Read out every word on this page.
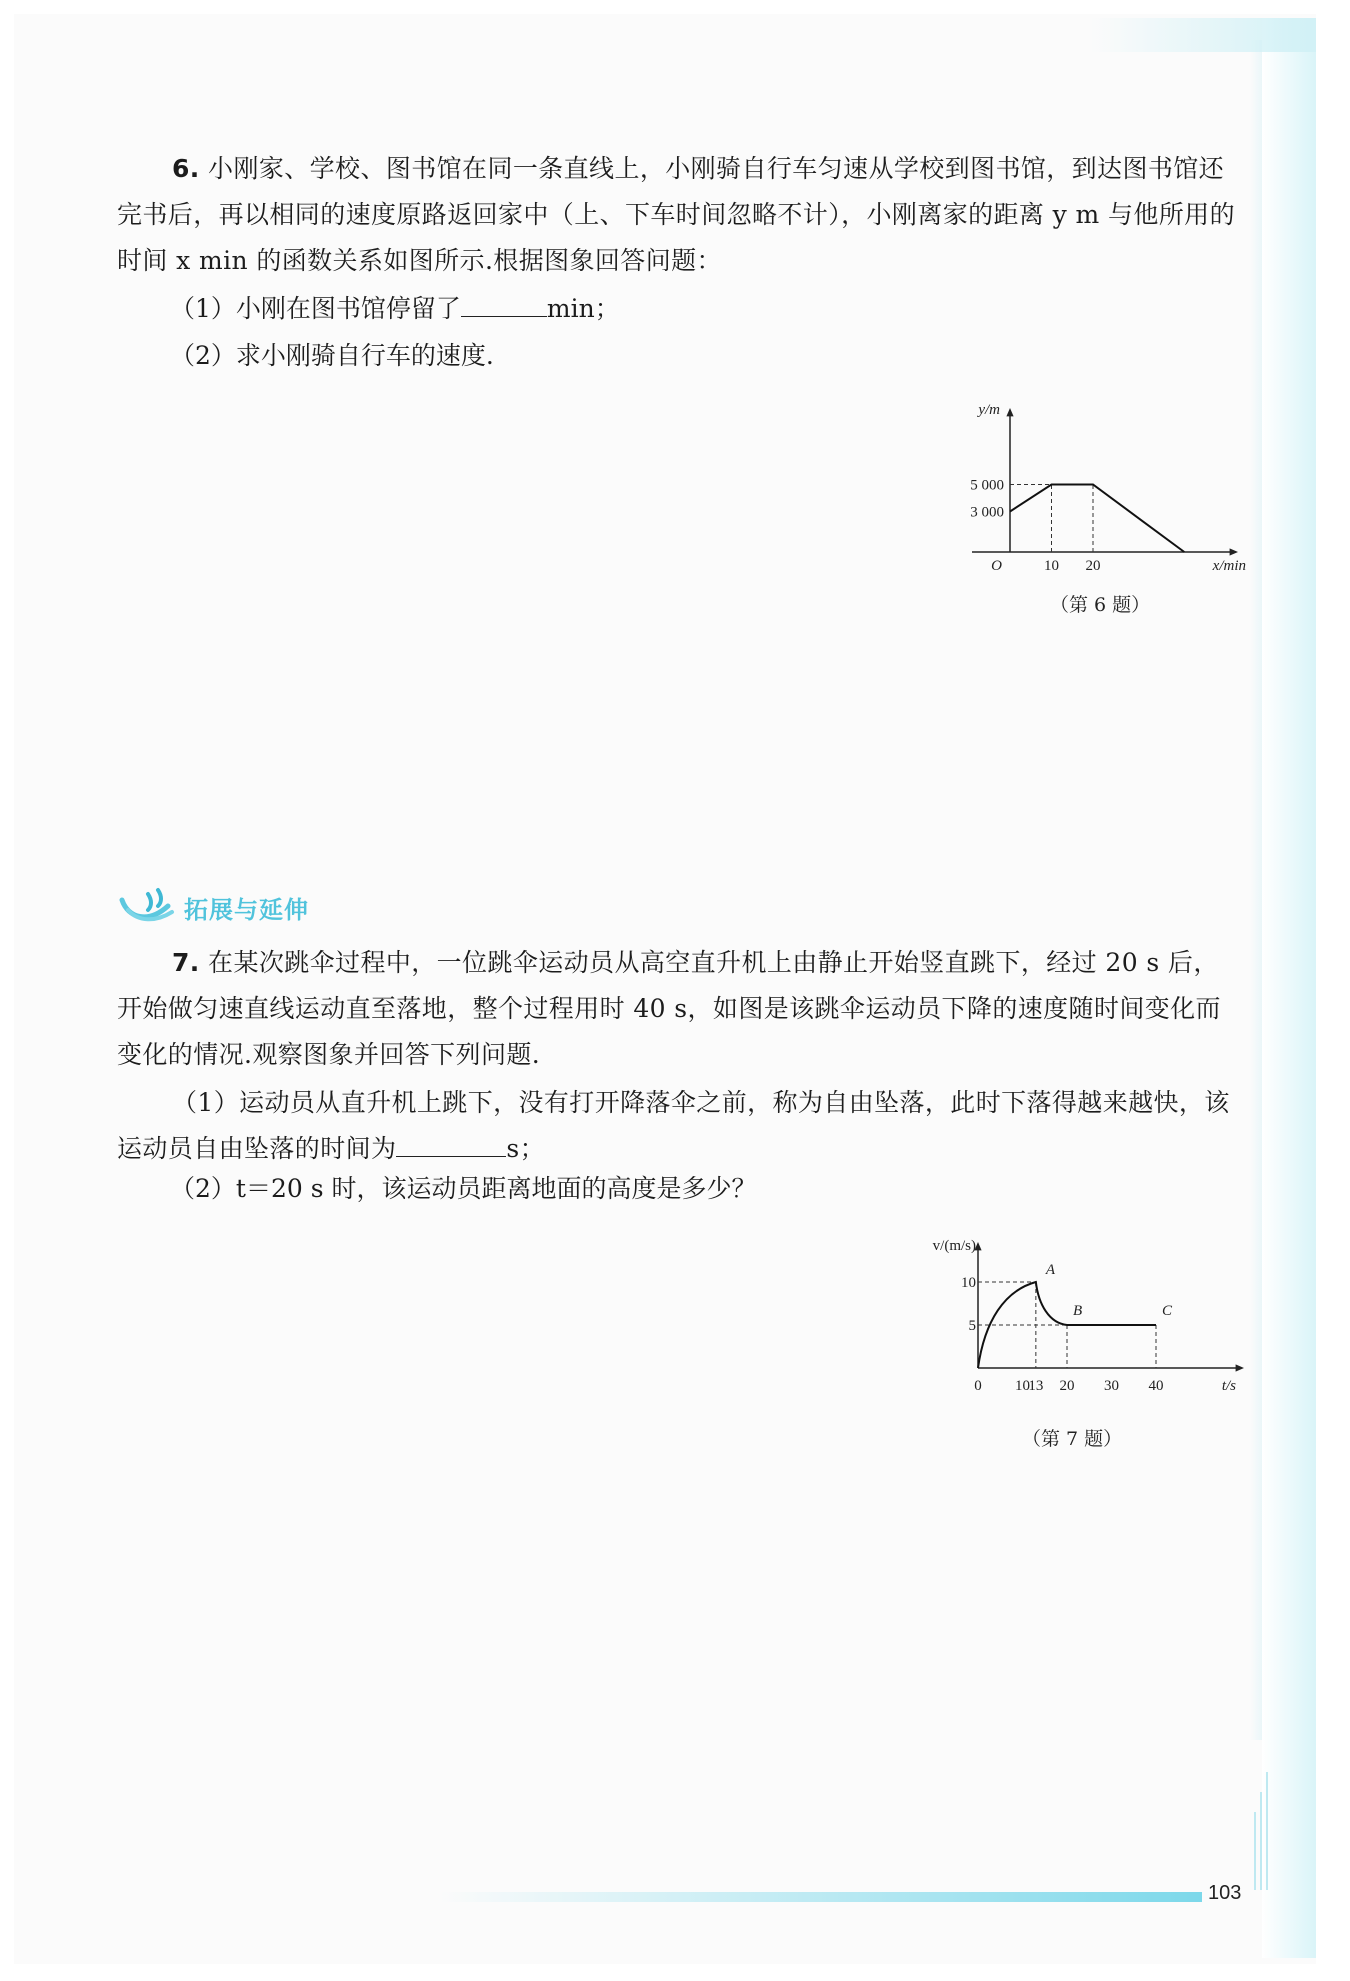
6. 小刚家、学校、图书馆在同一条直线上，小刚骑自行车匀速从学校到图书馆，到达图书馆还完书后，再以相同的速度原路返回家中（上、下车时间忽略不计），小刚离家的距离 y m 与他所用的时间 x min 的函数关系如图所示.根据图象回答问题：
（1）小刚在图书馆停留了	min；
（2）求小刚骑自行车的速度.
y/m
x/min
O
3 000
5 000
10 20
（第 6 题）
拓展与延伸
7. 在某次跳伞过程中，一位跳伞运动员从高空直升机上由静止开始竖直跳下，经过 20 s 后，开始做匀速直线运动直至落地，整个过程用时 40 s，如图是该跳伞运动员下降的速度随时间变化而变化的情况.观察图象并回答下列问题.
（1）运动员从直升机上跳下，没有打开降落伞之前，称为自由坠落，此时下落得越来越快，该运动员自由坠落的时间为	s；
（2）t＝20 s 时，该运动员距离地面的高度是多少？
v/(m/s)
t/s
0
5
10
10
13 20 30 40
A
B	C
（第 7 题）
103
